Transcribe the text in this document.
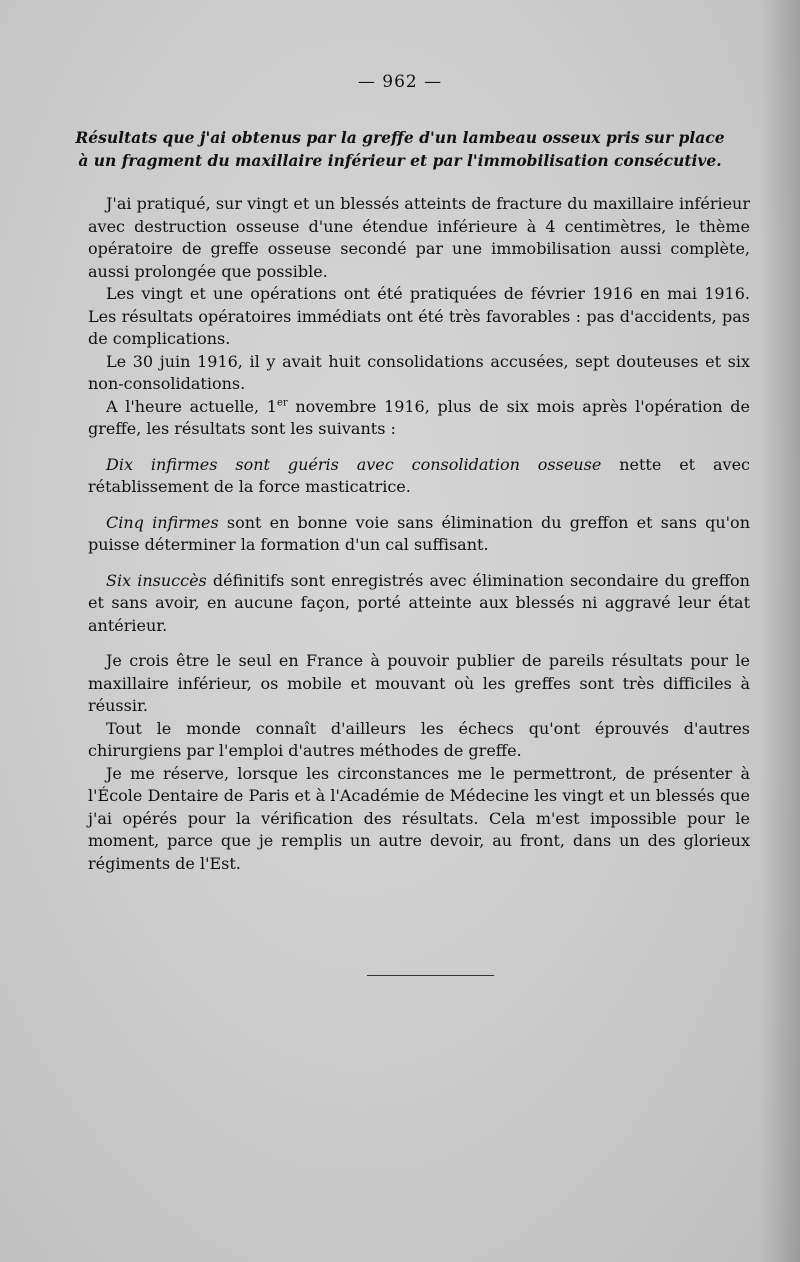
— 962 —
Résultats que j'ai obtenus par la greffe d'un lambeau osseux pris sur place
à un fragment du maxillaire inférieur et par l'immobilisation consécutive.

J'ai pratiqué, sur vingt et un blessés atteints de fracture du maxillaire inférieur avec destruction osseuse d'une étendue inférieure à 4 centimètres, le thème opératoire de greffe osseuse secondé par une immobilisation aussi complète, aussi prolongée que possible.

Les vingt et une opérations ont été pratiquées de février 1916 en mai 1916. Les résultats opératoires immédiats ont été très favorables : pas d'accidents, pas de complications.

Le 30 juin 1916, il y avait huit consolidations accusées, sept douteuses et six non-consolidations.

A l'heure actuelle, 1er novembre 1916, plus de six mois après l'opération de greffe, les résultats sont les suivants :

Dix infirmes sont guéris avec consolidation osseuse nette et avec rétablissement de la force masticatrice.

Cinq infirmes sont en bonne voie sans élimination du greffon et sans qu'on puisse déterminer la formation d'un cal suffisant.

Six insuccès définitifs sont enregistrés avec élimination secondaire du greffon et sans avoir, en aucune façon, porté atteinte aux blessés ni aggravé leur état antérieur.

Je crois être le seul en France à pouvoir publier de pareils résultats pour le maxillaire inférieur, os mobile et mouvant où les greffes sont très difficiles à réussir.

Tout le monde connaît d'ailleurs les échecs qu'ont éprouvés d'autres chirurgiens par l'emploi d'autres méthodes de greffe.

Je me réserve, lorsque les circonstances me le permettront, de présenter à l'École Dentaire de Paris et à l'Académie de Médecine les vingt et un blessés que j'ai opérés pour la vérification des résultats. Cela m'est impossible pour le moment, parce que je remplis un autre devoir, au front, dans un des glorieux régiments de l'Est.
